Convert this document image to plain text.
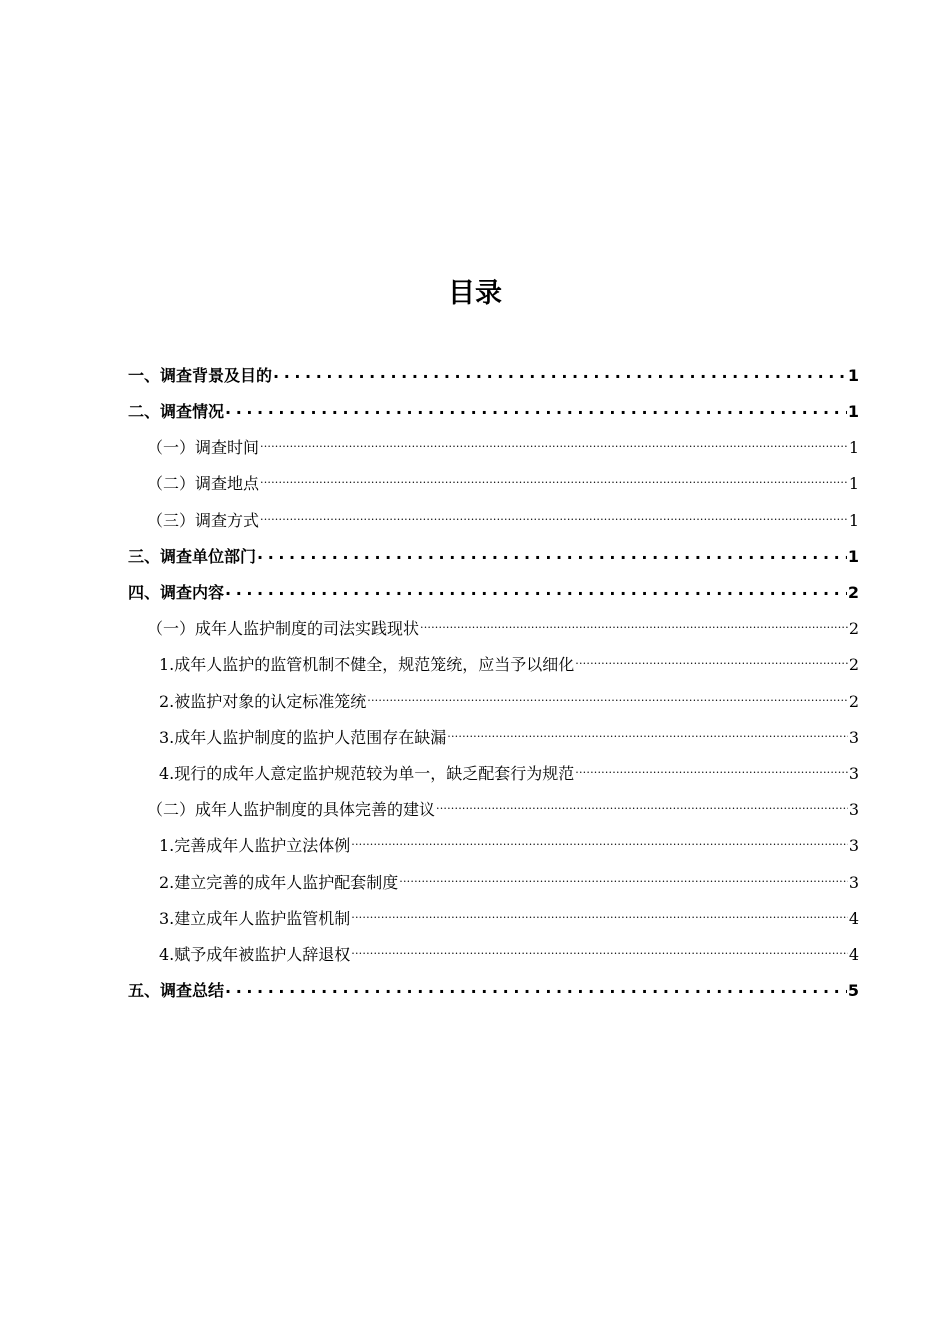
目录
一、调查背景及目的 .....	1
二、调查情况 .....	1
（一）调查时间 .....	1
（二）调查地点 .....	1
（三）调查方式 .....	1
三、调查单位部门 .....	1
四、调查内容 .....	2
（一）成年人监护制度的司法实践现状 .....	2
1.成年人监护的监管机制不健全，规范笼统，应当予以细化 .....	2
2.被监护对象的认定标准笼统 .....	2
3.成年人监护制度的监护人范围存在缺漏 .....	3
4.现行的成年人意定监护规范较为单一，缺乏配套行为规范 .....	3
（二）成年人监护制度的具体完善的建议 .....	3
1.完善成年人监护立法体例 .....	3
2.建立完善的成年人监护配套制度 .....	3
3.建立成年人监护监管机制 .....	4
4.赋予成年被监护人辞退权 .....	4
五、调查总结 .....	5
